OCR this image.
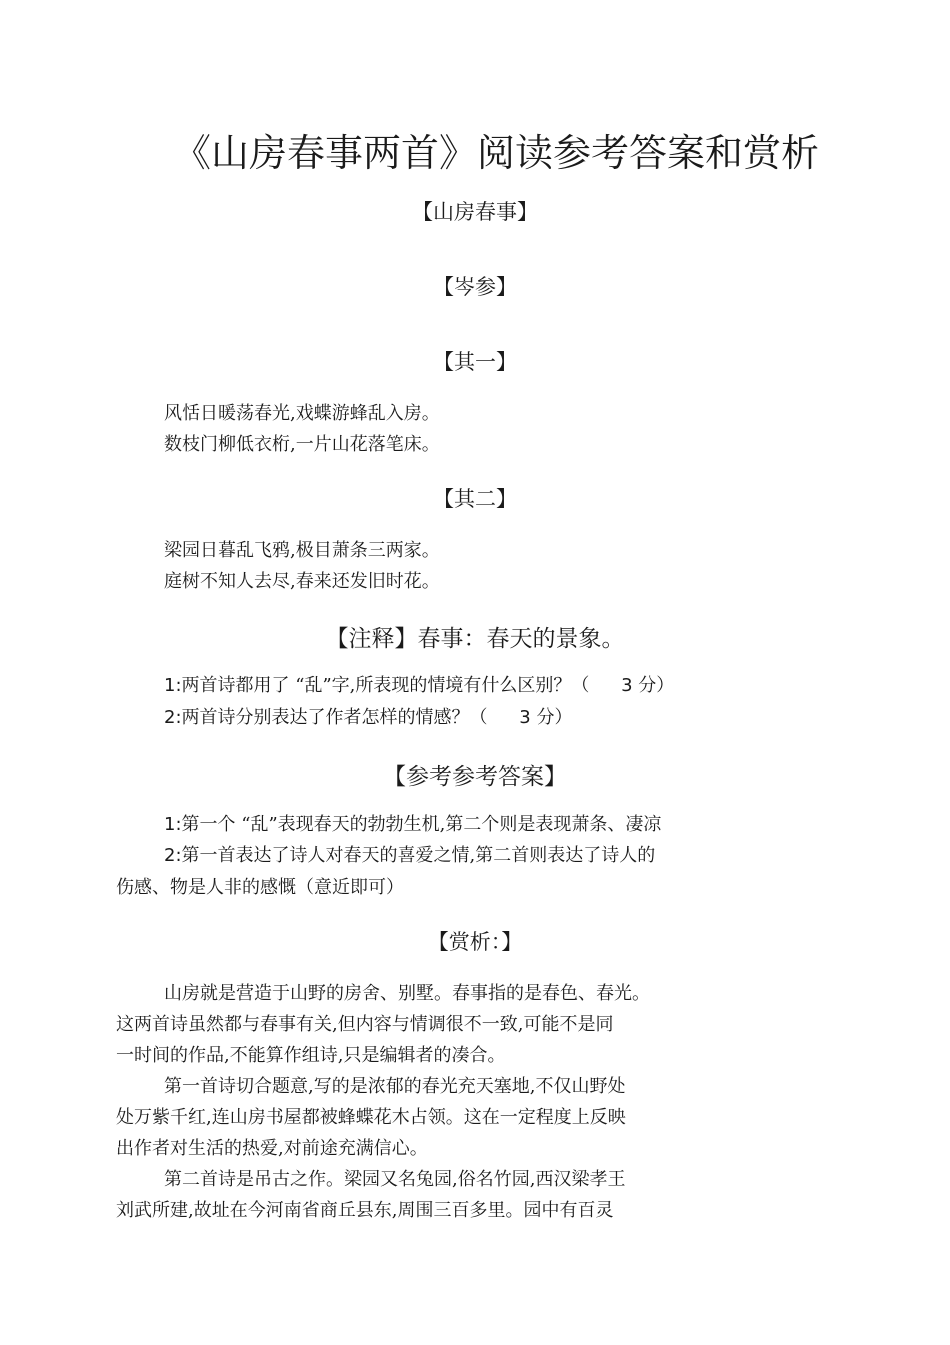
《山房春事两首》阅读参考答案和赏析
【山房春事】
【岑参】
【其一】
风恬日暖荡春光,戏蝶游蜂乱入房。
数枝门柳低衣桁,一片山花落笔床。
【其二】
梁园日暮乱飞鸦,极目萧条三两家。
庭树不知人去尽,春来还发旧时花。
【注释】春事：春天的景象。
1:两首诗都用了 “乱”字,所表现的情境有什么区别？（ 3 分）
2:两首诗分别表达了作者怎样的情感？（ 3 分）
【参考参考答案】
1:第一个 “乱”表现春天的勃勃生机,第二个则是表现萧条、凄凉
2:第一首表达了诗人对春天的喜爱之情,第二首则表达了诗人的
伤感、物是人非的感慨（意近即可）
【赏析：】
山房就是营造于山野的房舍、别墅。春事指的是春色、春光。
这两首诗虽然都与春事有关,但内容与情调很不一致,可能不是同
一时间的作品,不能算作组诗,只是编辑者的凑合。
第一首诗切合题意,写的是浓郁的春光充天塞地,不仅山野处
处万紫千红,连山房书屋都被蜂蝶花木占领。这在一定程度上反映
出作者对生活的热爱,对前途充满信心。
第二首诗是吊古之作。梁园又名兔园,俗名竹园,西汉梁孝王
刘武所建,故址在今河南省商丘县东,周围三百多里。园中有百灵
